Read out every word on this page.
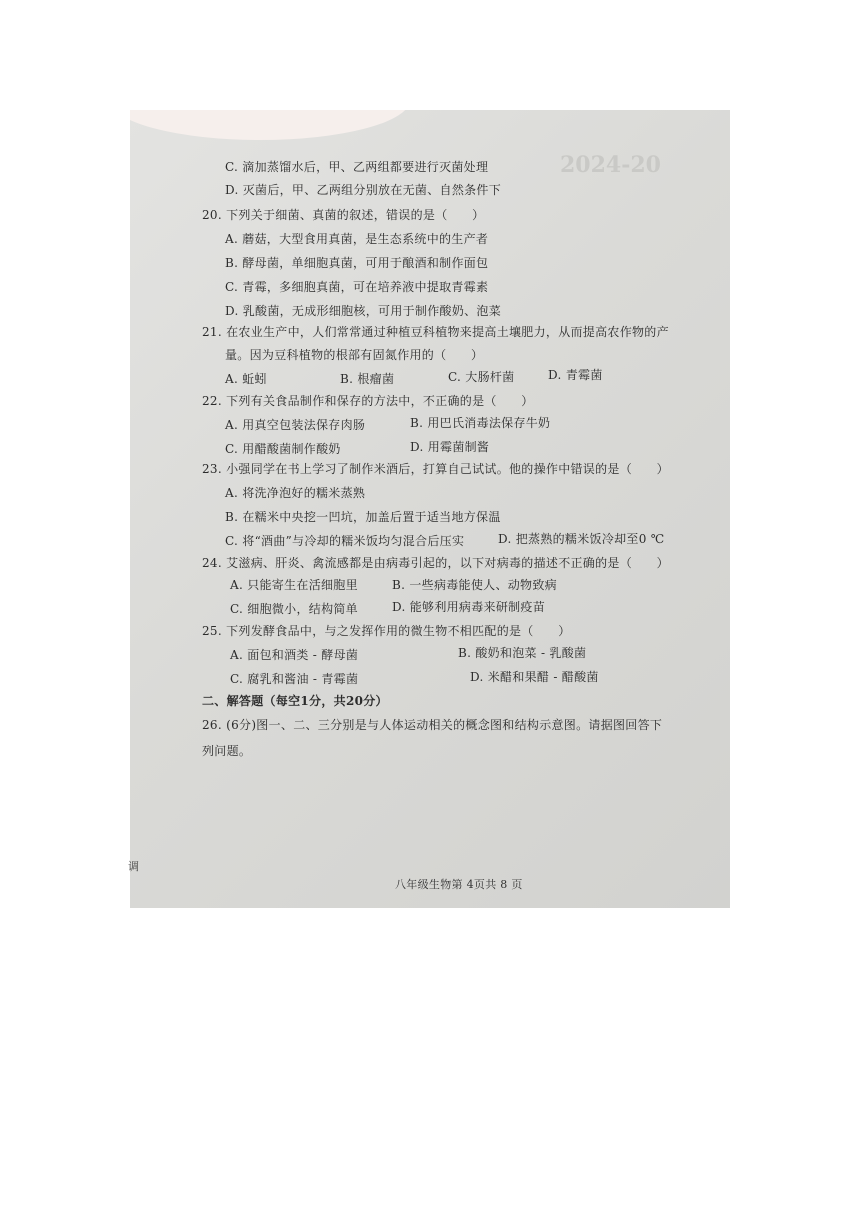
2024-20
C. 滴加蒸馏水后，甲、乙两组都要进行灭菌处理
D. 灭菌后，甲、乙两组分别放在无菌、自然条件下
20. 下列关于细菌、真菌的叙述，错误的是（　　）
A. 蘑菇，大型食用真菌，是生态系统中的生产者
B. 酵母菌，单细胞真菌，可用于酿酒和制作面包
C. 青霉，多细胞真菌，可在培养液中提取青霉素
D. 乳酸菌，无成形细胞核，可用于制作酸奶、泡菜
21. 在农业生产中，人们常常通过种植豆科植物来提高土壤肥力，从而提高农作物的产
量。因为豆科植物的根部有固氮作用的（　　）
A. 蚯蚓	B. 根瘤菌	C. 大肠杆菌	D. 青霉菌
22. 下列有关食品制作和保存的方法中，不正确的是（　　）
A. 用真空包装法保存肉肠	B. 用巴氏消毒法保存牛奶
C. 用醋酸菌制作酸奶	D. 用霉菌制酱
23. 小强同学在书上学习了制作米酒后，打算自己试试。他的操作中错误的是（　　）
A. 将洗净泡好的糯米蒸熟
B. 在糯米中央挖一凹坑，加盖后置于适当地方保温
C. 将“酒曲”与冷却的糯米饭均匀混合后压实	D. 把蒸熟的糯米饭冷却至0 ℃
24. 艾滋病、肝炎、禽流感都是由病毒引起的，以下对病毒的描述不正确的是（　　）
A. 只能寄生在活细胞里	B. 一些病毒能使人、动物致病
C. 细胞微小，结构简单	D. 能够利用病毒来研制疫苗
25. 下列发酵食品中，与之发挥作用的微生物不相匹配的是（　　）
A. 面包和酒类 - 酵母菌	B. 酸奶和泡菜 - 乳酸菌
C. 腐乳和酱油 - 青霉菌	D. 米醋和果醋 - 醋酸菌
二、解答题（每空1分，共20分）
26. (6分)图一、二、三分别是与人体运动相关的概念图和结构示意图。请据图回答下
列问题。
八年级生物第 4页共 8 页
调
